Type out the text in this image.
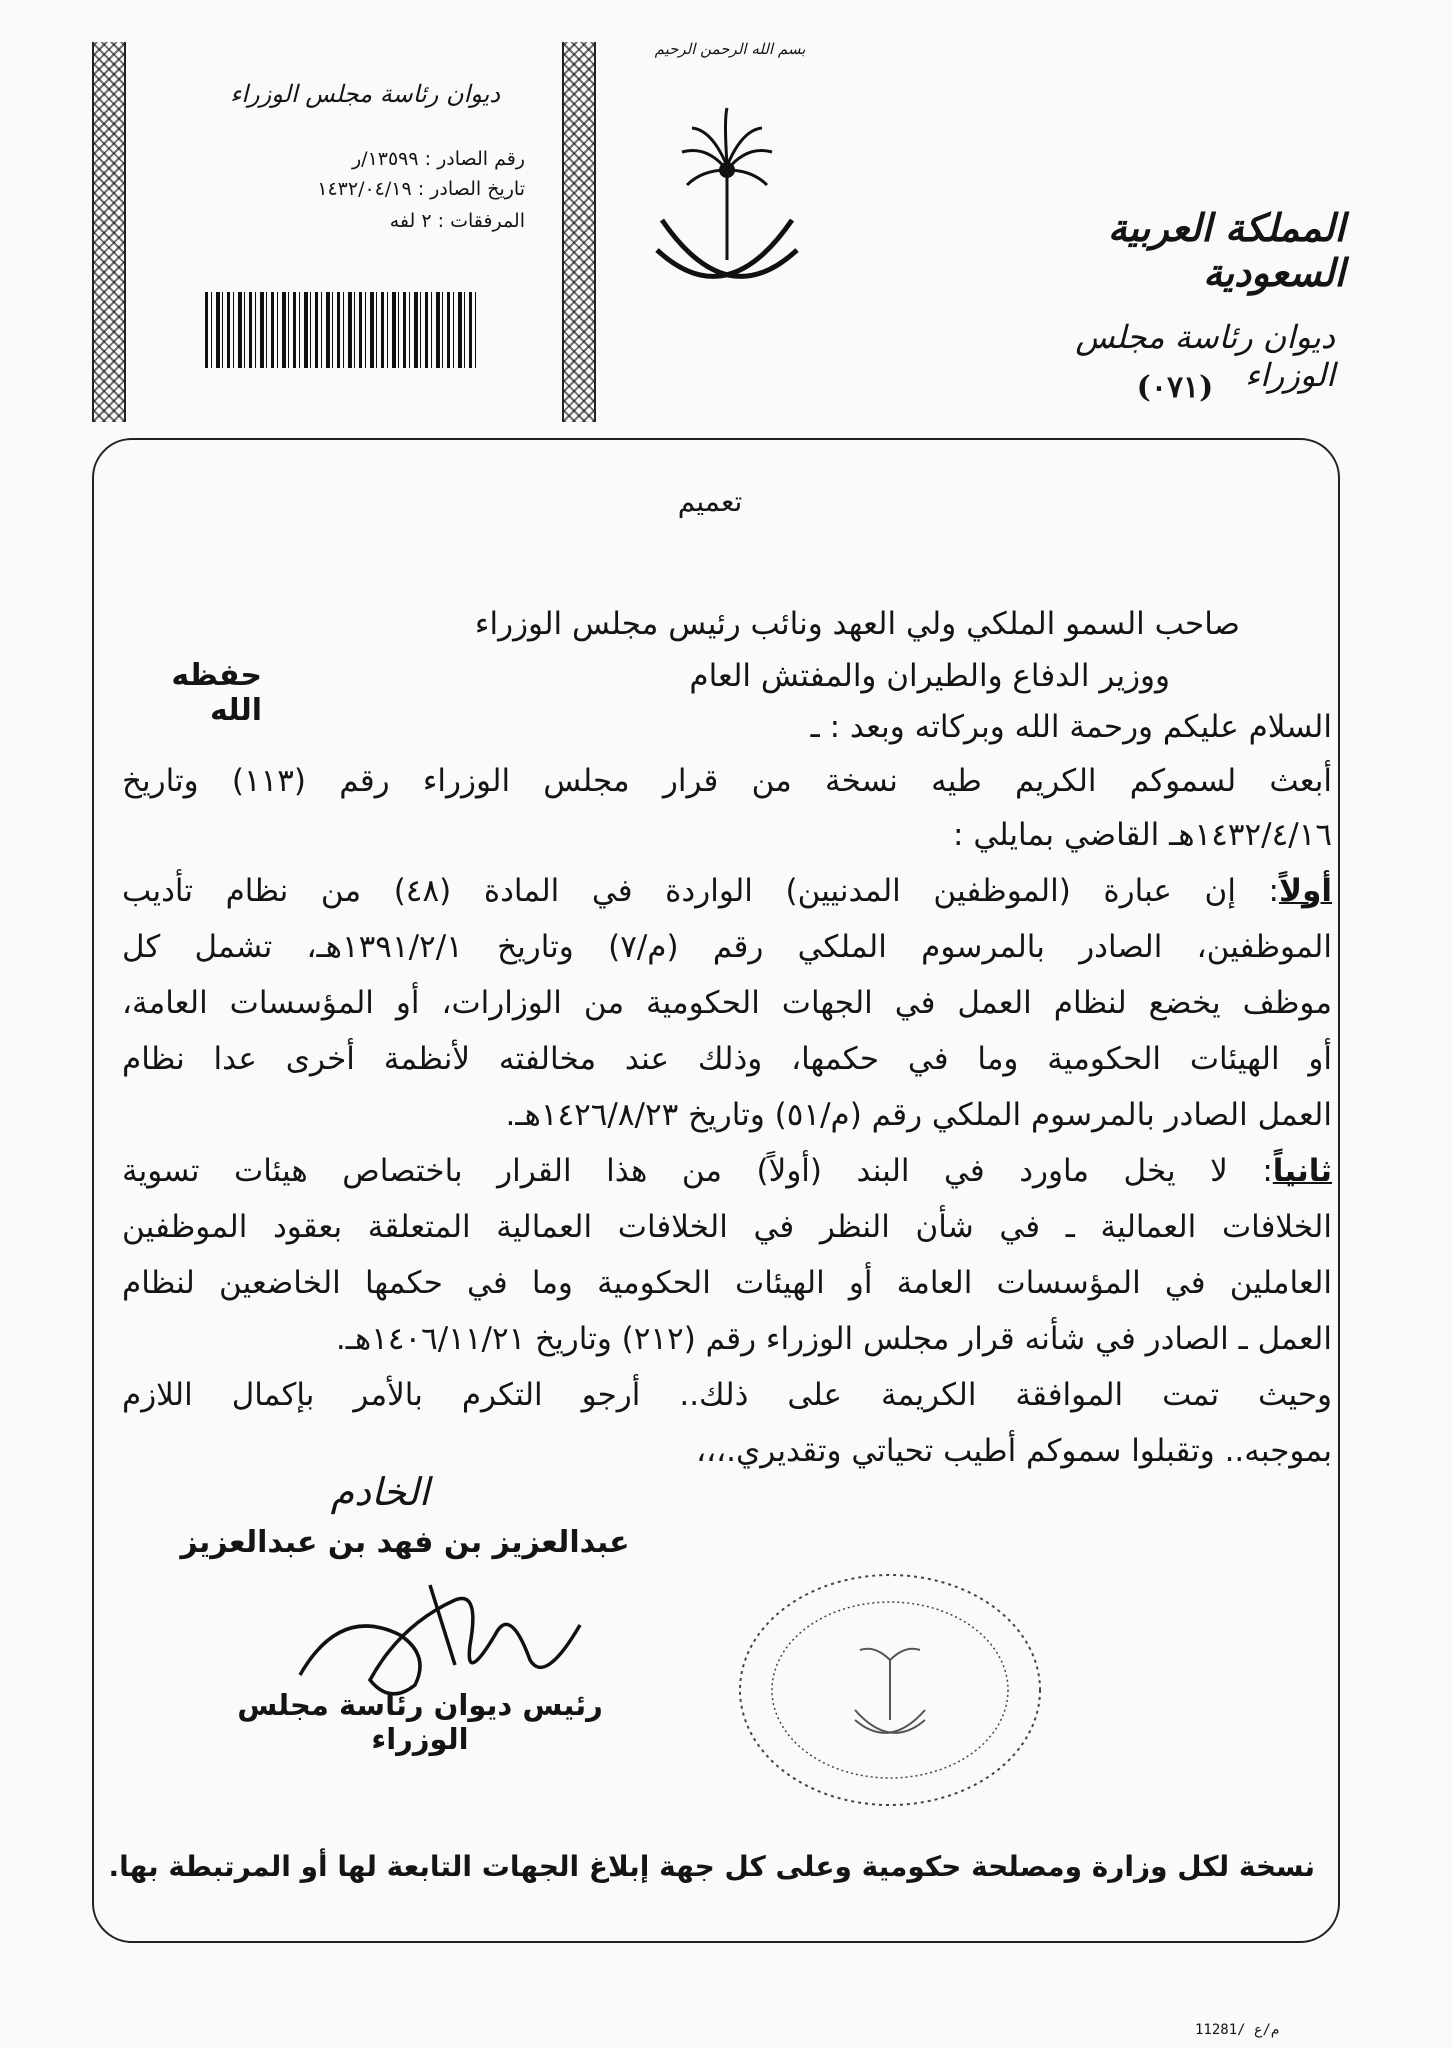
ديوان رئاسة مجلس الوزراء
رقم الصادر : ١٣٥٩٩/ر
تاريخ الصادر : ١٤٣٢/٠٤/١٩
المرفقات : ٢ لفه
بسم الله الرحمن الرحيم
المملكة العربية السعودية
ديوان رئاسة مجلس الوزراء
(٠٧١)
تعميم
صاحب السمو الملكي ولي العهد ونائب رئيس مجلس الوزراء
ووزير الدفاع والطيران والمفتش العام
حفظه الله	السلام عليكم ورحمة الله وبركاته وبعد : ـ
أبعث لسموكم الكريم طيه نسخة من قرار مجلس الوزراء رقم (١١٣) وتاريخ
١٤٣٢/٤/١٦هـ القاضي بمايلي :
أولاً: إن عبارة (الموظفين المدنيين) الواردة في المادة (٤٨) من نظام تأديب
الموظفين، الصادر بالمرسوم الملكي رقم (م/٧) وتاريخ ١٣٩١/٢/١هـ، تشمل كل
موظف يخضع لنظام العمل في الجهات الحكومية من الوزارات، أو المؤسسات العامة،
أو الهيئات الحكومية وما في حكمها، وذلك عند مخالفته لأنظمة أخرى عدا نظام
العمل الصادر بالمرسوم الملكي رقم (م/٥١) وتاريخ ١٤٢٦/٨/٢٣هـ.
ثانياً: لا يخل ماورد في البند (أولاً) من هذا القرار باختصاص هيئات تسوية
الخلافات العمالية ـ في شأن النظر في الخلافات العمالية المتعلقة بعقود الموظفين
العاملين في المؤسسات العامة أو الهيئات الحكومية وما في حكمها الخاضعين لنظام
العمل ـ الصادر في شأنه قرار مجلس الوزراء رقم (٢١٢) وتاريخ ١٤٠٦/١١/٢١هـ.
وحيث تمت الموافقة الكريمة على ذلك.. أرجو التكرم بالأمر بإكمال اللازم
بموجبه.. وتقبلوا سموكم أطيب تحياتي وتقديري.،،،
الخادم
عبدالعزيز بن فهد بن عبدالعزيز
رئيس ديوان رئاسة مجلس الوزراء
نسخة لكل وزارة ومصلحة حكومية وعلى كل جهة إبلاغ الجهات التابعة لها أو المرتبطة بها.
11281/ م/ع
